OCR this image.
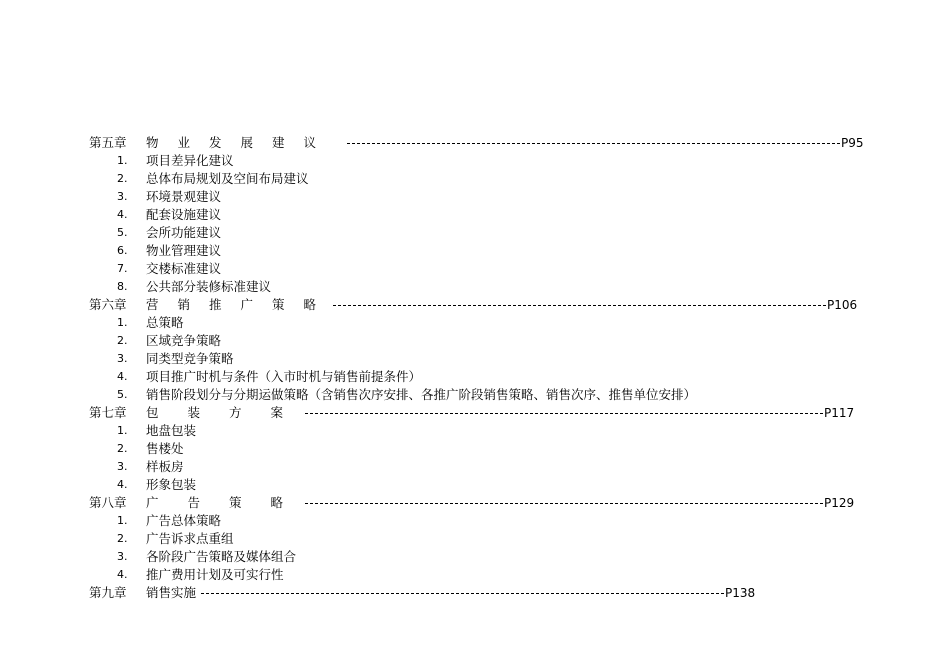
第五章 物业发展建议	P95
1. 项目差异化建议
2. 总体布局规划及空间布局建议
3. 环境景观建议
4. 配套设施建议
5. 会所功能建议
6. 物业管理建议
7. 交楼标准建议
8. 公共部分装修标准建议
第六章 营销推广策略	P106
1. 总策略
2. 区域竞争策略
3. 同类型竞争策略
4. 项目推广时机与条件（入市时机与销售前提条件）
5. 销售阶段划分与分期运做策略（含销售次序安排、各推广阶段销售策略、销售次序、推售单位安排）
第七章 包装方案	P117
1. 地盘包装
2. 售楼处
3. 样板房
4. 形象包装
第八章 广告策略	P129
1. 广告总体策略
2. 广告诉求点重组
3. 各阶段广告策略及媒体组合
4. 推广费用计划及可实行性
第九章 销售实施	P138
